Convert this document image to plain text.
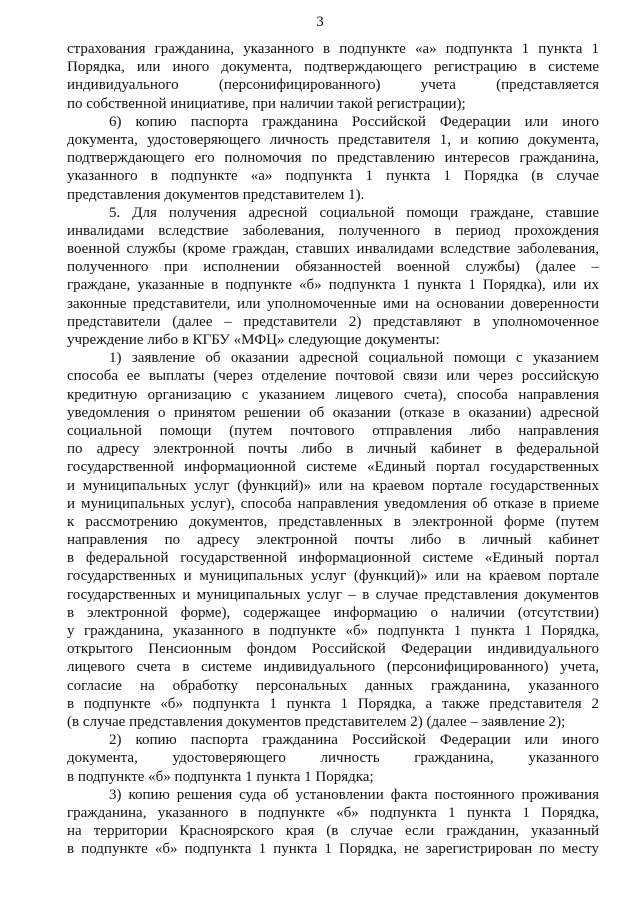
3
страхования гражданина, указанного в подпункте «а» подпункта 1 пункта 1
Порядка, или иного документа, подтверждающего регистрацию в системе
индивидуального (персонифицированного) учета (представляется
по собственной инициативе, при наличии такой регистрации);
6) копию паспорта гражданина Российской Федерации или иного
документа, удостоверяющего личность представителя 1, и копию документа,
подтверждающего его полномочия по представлению интересов гражданина,
указанного в подпункте «а» подпункта 1 пункта 1 Порядка (в случае
представления документов представителем 1).
5. Для получения адресной социальной помощи граждане, ставшие
инвалидами вследствие заболевания, полученного в период прохождения
военной службы (кроме граждан, ставших инвалидами вследствие заболевания,
полученного при исполнении обязанностей военной службы) (далее –
граждане, указанные в подпункте «б» подпункта 1 пункта 1 Порядка), или их
законные представители, или уполномоченные ими на основании доверенности
представители (далее – представители 2) представляют в уполномоченное
учреждение либо в КГБУ «МФЦ» следующие документы:
1) заявление об оказании адресной социальной помощи с указанием
способа ее выплаты (через отделение почтовой связи или через российскую
кредитную организацию с указанием лицевого счета), способа направления
уведомления о принятом решении об оказании (отказе в оказании) адресной
социальной помощи (путем почтового отправления либо направления
по адресу электронной почты либо в личный кабинет в федеральной
государственной информационной системе «Единый портал государственных
и муниципальных услуг (функций)» или на краевом портале государственных
и муниципальных услуг), способа направления уведомления об отказе в приеме
к рассмотрению документов, представленных в электронной форме (путем
направления по адресу электронной почты либо в личный кабинет
в федеральной государственной информационной системе «Единый портал
государственных и муниципальных услуг (функций)» или на краевом портале
государственных и муниципальных услуг – в случае представления документов
в электронной форме), содержащее информацию о наличии (отсутствии)
у гражданина, указанного в подпункте «б» подпункта 1 пункта 1 Порядка,
открытого Пенсионным фондом Российской Федерации индивидуального
лицевого счета в системе индивидуального (персонифицированного) учета,
согласие на обработку персональных данных гражданина, указанного
в подпункте «б» подпункта 1 пункта 1 Порядка, а также представителя 2
(в случае представления документов представителем 2) (далее – заявление 2);
2) копию паспорта гражданина Российской Федерации или иного
документа, удостоверяющего личность гражданина, указанного
в подпункте «б» подпункта 1 пункта 1 Порядка;
3) копию решения суда об установлении факта постоянного проживания
гражданина, указанного в подпункте «б» подпункта 1 пункта 1 Порядка,
на территории Красноярского края (в случае если гражданин, указанный
в подпункте «б» подпункта 1 пункта 1 Порядка, не зарегистрирован по месту
